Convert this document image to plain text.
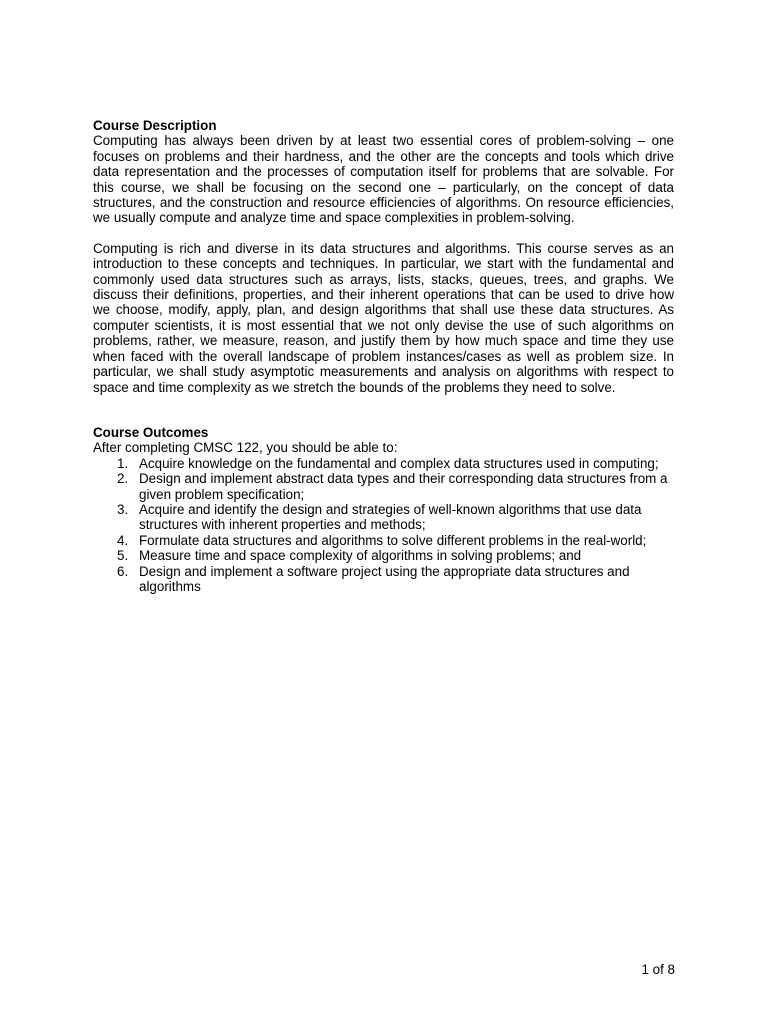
Course Description

Computing has always been driven by at least two essential cores of problem-solving – one focuses on problems and their hardness, and the other are the concepts and tools which drive data representation and the processes of computation itself for problems that are solvable. For this course, we shall be focusing on the second one – particularly, on the concept of data structures, and the construction and resource efficiencies of algorithms. On resource efficiencies, we usually compute and analyze time and space complexities in problem-solving.

Computing is rich and diverse in its data structures and algorithms. This course serves as an introduction to these concepts and techniques. In particular, we start with the fundamental and commonly used data structures such as arrays, lists, stacks, queues, trees, and graphs. We discuss their definitions, properties, and their inherent operations that can be used to drive how we choose, modify, apply, plan, and design algorithms that shall use these data structures. As computer scientists, it is most essential that we not only devise the use of such algorithms on problems, rather, we measure, reason, and justify them by how much space and time they use when faced with the overall landscape of problem instances/cases as well as problem size. In particular, we shall study asymptotic measurements and analysis on algorithms with respect to space and time complexity as we stretch the bounds of the problems they need to solve.

Course Outcomes

After completing CMSC 122, you should be able to:

1. Acquire knowledge on the fundamental and complex data structures used in computing;
2. Design and implement abstract data types and their corresponding data structures from a given problem specification;
3. Acquire and identify the design and strategies of well-known algorithms that use data structures with inherent properties and methods;
4. Formulate data structures and algorithms to solve different problems in the real-world;
5. Measure time and space complexity of algorithms in solving problems; and
6. Design and implement a software project using the appropriate data structures and algorithms
1 of 8
